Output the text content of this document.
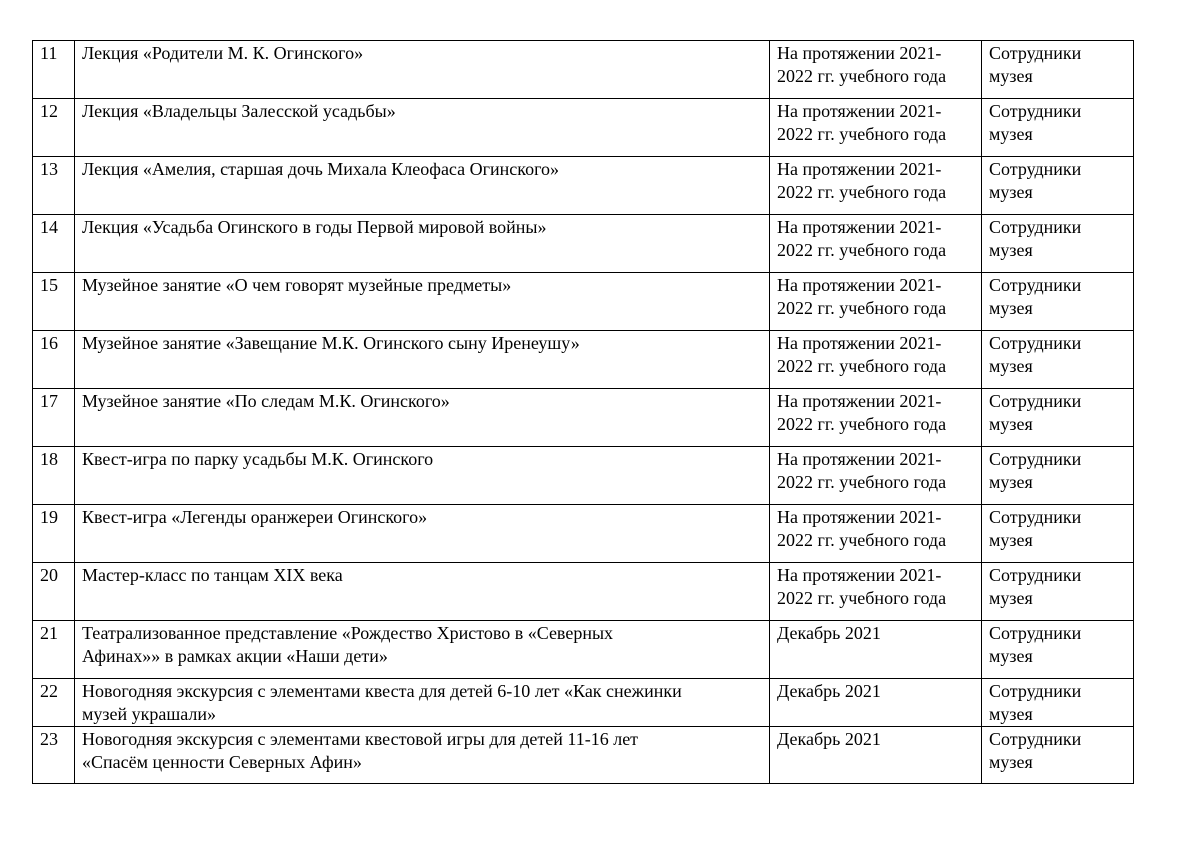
11	Лекция «Родители М. К. Огинского»	На протяжении 2021-
2022 гг. учебного года	Сотрудники
музея
12	Лекция «Владельцы Залесской усадьбы»	На протяжении 2021-
2022 гг. учебного года	Сотрудники
музея
13	Лекция «Амелия, старшая дочь Михала Клеофаса Огинского»	На протяжении 2021-
2022 гг. учебного года	Сотрудники
музея
14	Лекция «Усадьба Огинского в годы Первой мировой войны»	На протяжении 2021-
2022 гг. учебного года	Сотрудники
музея
15	Музейное занятие «О чем говорят музейные предметы»	На протяжении 2021-
2022 гг. учебного года	Сотрудники
музея
16	Музейное занятие «Завещание М.К. Огинского сыну Иренеушу»	На протяжении 2021-
2022 гг. учебного года	Сотрудники
музея
17	Музейное занятие «По следам М.К. Огинского»	На протяжении 2021-
2022 гг. учебного года	Сотрудники
музея
18	Квест-игра по парку усадьбы М.К. Огинского	На протяжении 2021-
2022 гг. учебного года	Сотрудники
музея
19	Квест-игра «Легенды оранжереи Огинского»	На протяжении 2021-
2022 гг. учебного года	Сотрудники
музея
20	Мастер-класс по танцам XIX века	На протяжении 2021-
2022 гг. учебного года	Сотрудники
музея
21	Театрализованное представление «Рождество Христово в «Северных
Афинах»» в рамках акции «Наши дети»	Декабрь 2021	Сотрудники
музея
22	Новогодняя экскурсия с элементами квеста для детей 6-10 лет «Как снежинки
музей украшали»	Декабрь 2021	Сотрудники
музея
23	Новогодняя экскурсия с элементами квестовой игры для детей 11-16 лет
«Спасём ценности Северных Афин»	Декабрь 2021	Сотрудники
музея
